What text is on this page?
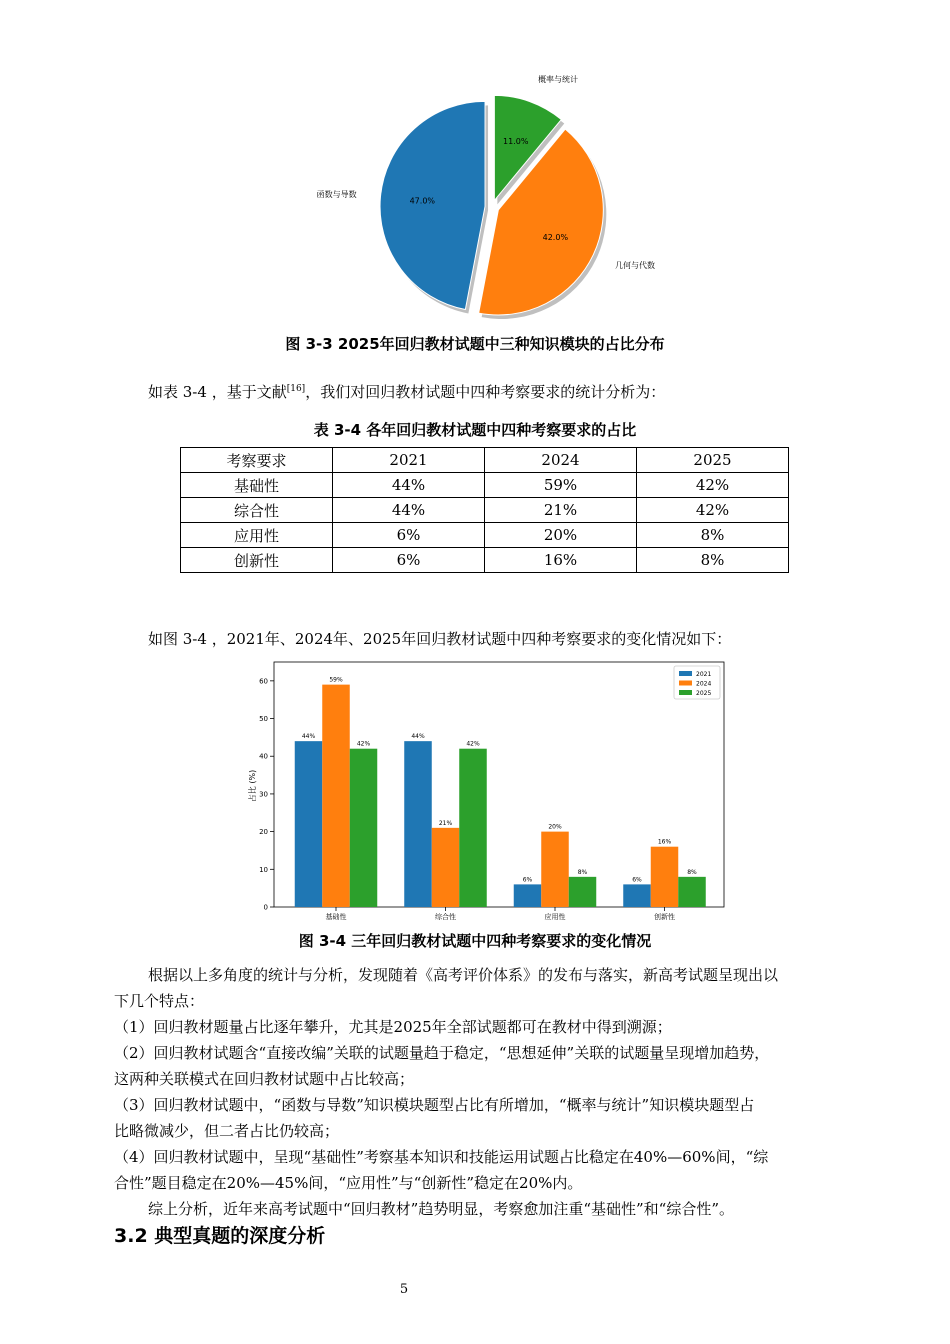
47.0%
42.0%
11.0%
函数与导数
几何与代数
概率与统计
图 3-3 2025年回归教材试题中三种知识模块的占比分布
如表 3-4 ，基于文献[16]，我们对回归教材试题中四种考察要求的统计分析为：
表 3-4 各年回归教材试题中四种考察要求的占比
考察要求	2021	2024	2025
基础性	44%	59%	42%
综合性	44%	21%	42%
应用性	6%	20%	8%
创新性	6%	16%	8%
如图 3-4 ，2021年、2024年、2025年回归教材试题中四种考察要求的变化情况如下：
0
10
20
30
40
50
60
44%
59%
42%
44%
21%
42%
6%
20%
8%
6%
16%
8%
基础性	综合性	应用性	创新性
占比 (%)
2021
2024
2025
图 3-4 三年回归教材试题中四种考察要求的变化情况
根据以上多角度的统计与分析，发现随着《高考评价体系》的发布与落实，新高考试题呈现出以
下几个特点：
（1）回归教材题量占比逐年攀升，尤其是2025年全部试题都可在教材中得到溯源；
（2）回归教材试题含“直接改编”关联的试题量趋于稳定，“思想延伸”关联的试题量呈现增加趋势，
这两种关联模式在回归教材试题中占比较高；
（3）回归教材试题中，“函数与导数”知识模块题型占比有所增加，“概率与统计”知识模块题型占
比略微减少，但二者占比仍较高；
（4）回归教材试题中，呈现“基础性”考察基本知识和技能运用试题占比稳定在40%—60%间，“综
合性”题目稳定在20%—45%间，“应用性”与“创新性”稳定在20%内。
综上分析，近年来高考试题中“回归教材”趋势明显，考察愈加注重“基础性”和“综合性”。
3.2 典型真题的深度分析
5
